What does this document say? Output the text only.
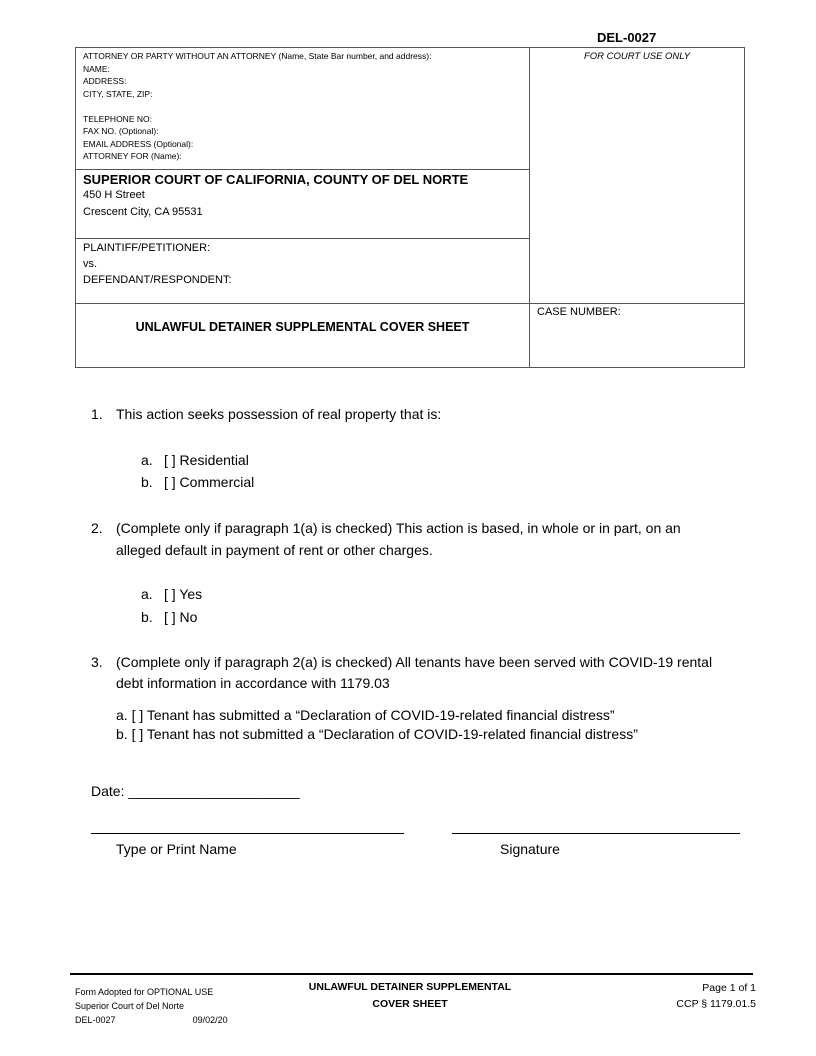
DEL-0027
ATTORNEY OR PARTY WITHOUT AN ATTORNEY (Name, State Bar number, and address):
NAME:
ADDRESS:
CITY, STATE, ZIP:
TELEPHONE NO:
FAX NO. (Optional):
EMAIL ADDRESS (Optional):
ATTORNEY FOR (Name):
FOR COURT USE ONLY
SUPERIOR COURT OF CALIFORNIA, COUNTY OF DEL NORTE
450 H Street
Crescent City, CA 95531
PLAINTIFF/PETITIONER:
vs.
DEFENDANT/RESPONDENT:
UNLAWFUL DETAINER SUPPLEMENTAL COVER SHEET
CASE NUMBER:
1. This action seeks possession of real property that is:
a. [ ] Residential
b. [ ] Commercial
2. (Complete only if paragraph 1(a) is checked) This action is based, in whole or in part, on an
alleged default in payment of rent or other charges.
a. [ ] Yes
b. [ ] No
3. (Complete only if paragraph 2(a) is checked) All tenants have been served with COVID-19 rental
debt information in accordance with 1179.03
a. [ ] Tenant has submitted a “Declaration of COVID-19-related financial distress”
b. [ ] Tenant has not submitted a “Declaration of COVID-19-related financial distress”
Date: ______________________
Type or Print Name	Signature
Form Adopted for OPTIONAL USE
Superior Court of Del Norte
DEL-0027	09/02/20
UNLAWFUL DETAINER SUPPLEMENTAL
COVER SHEET
Page 1 of 1
CCP § 1179.01.5
